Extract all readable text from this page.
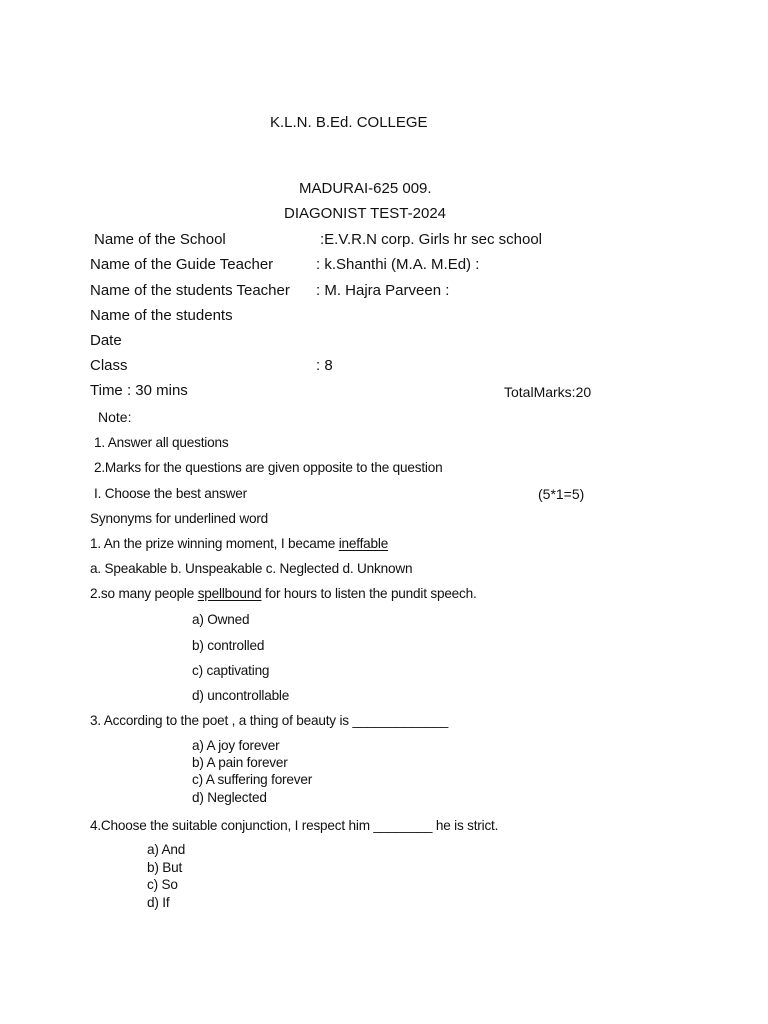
K.L.N. B.Ed. COLLEGE
MADURAI-625 009.
DIAGONIST TEST-2024
Name of the School	:E.V.R.N corp. Girls hr sec school
Name of the Guide Teacher	: k.Shanthi (M.A. M.Ed) :
Name of the students Teacher : M. Hajra Parveen :
Name of the students
Date
Class	: 8
Time : 30 mins	TotalMarks:20
Note:
1. Answer all questions
2.Marks for the questions are given opposite to the question
I. Choose the best answer	(5*1=5)
Synonyms for underlined word
1. An the prize winning moment, I became ineffable
a. Speakable b. Unspeakable c. Neglected d. Unknown
2.so many people spellbound for hours to listen the pundit speech.
a) Owned
b) controlled
c) captivating
d) uncontrollable
3. According to the poet , a thing of beauty is _____________
a) A joy forever
b) A pain forever
c) A suffering forever
d) Neglected
4.Choose the suitable conjunction, I respect him ________ he is strict.
a) And
b) But
c) So
d) If
